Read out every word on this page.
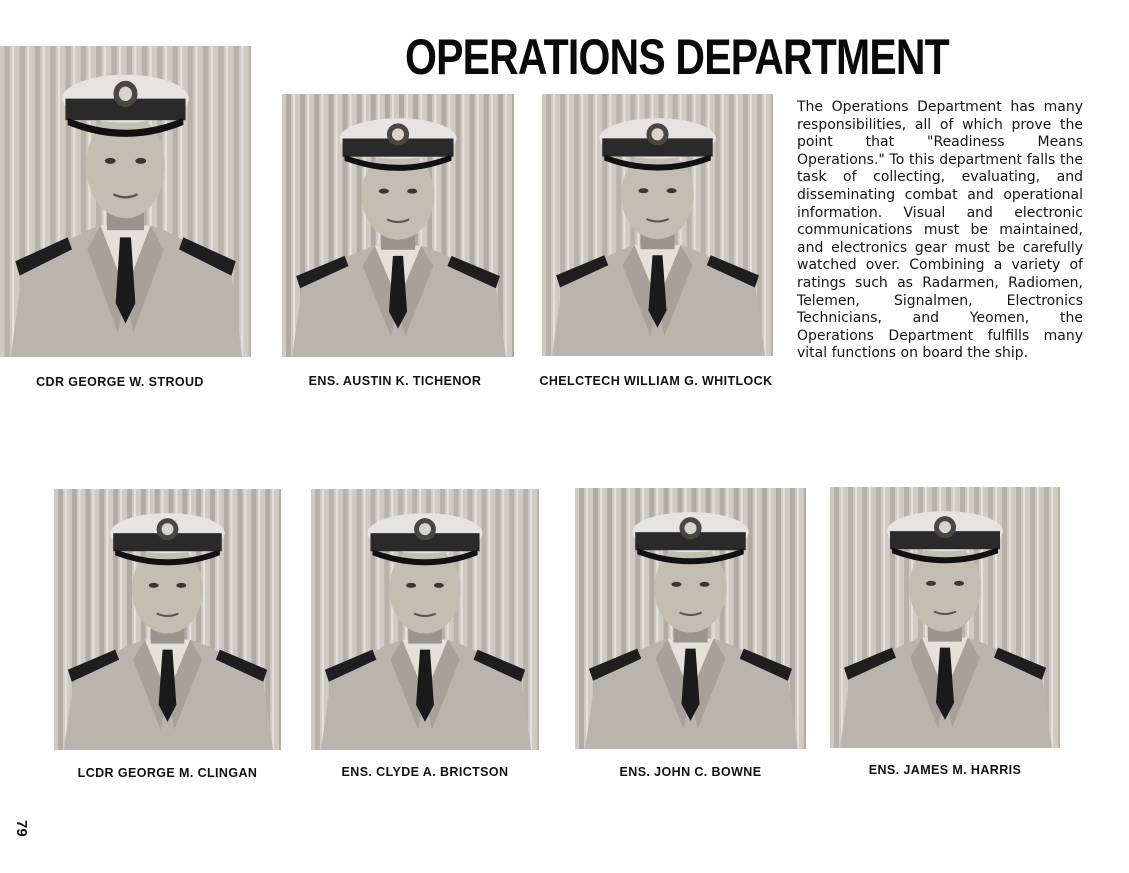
OPERATIONS DEPARTMENT
The Operations Department has many responsibilities, all of which prove the point that "Readiness Means Operations." To this department falls the task of collecting, evaluating, and disseminating combat and operational information. Visual and electronic communications must be maintained, and electronics gear must be carefully watched over. Combining a variety of ratings such as Radarmen, Radiomen, Telemen, Signalmen, Electronics Technicians, and Yeomen, the Operations Department fulfills many vital functions on board the ship.
CDR GEORGE W. STROUD	ENS. AUSTIN K. TICHENOR	CHELCTECH WILLIAM G. WHITLOCK
LCDR GEORGE M. CLINGAN	ENS. CLYDE A. BRICTSON	ENS. JOHN C. BOWNE	ENS. JAMES M. HARRIS
79
